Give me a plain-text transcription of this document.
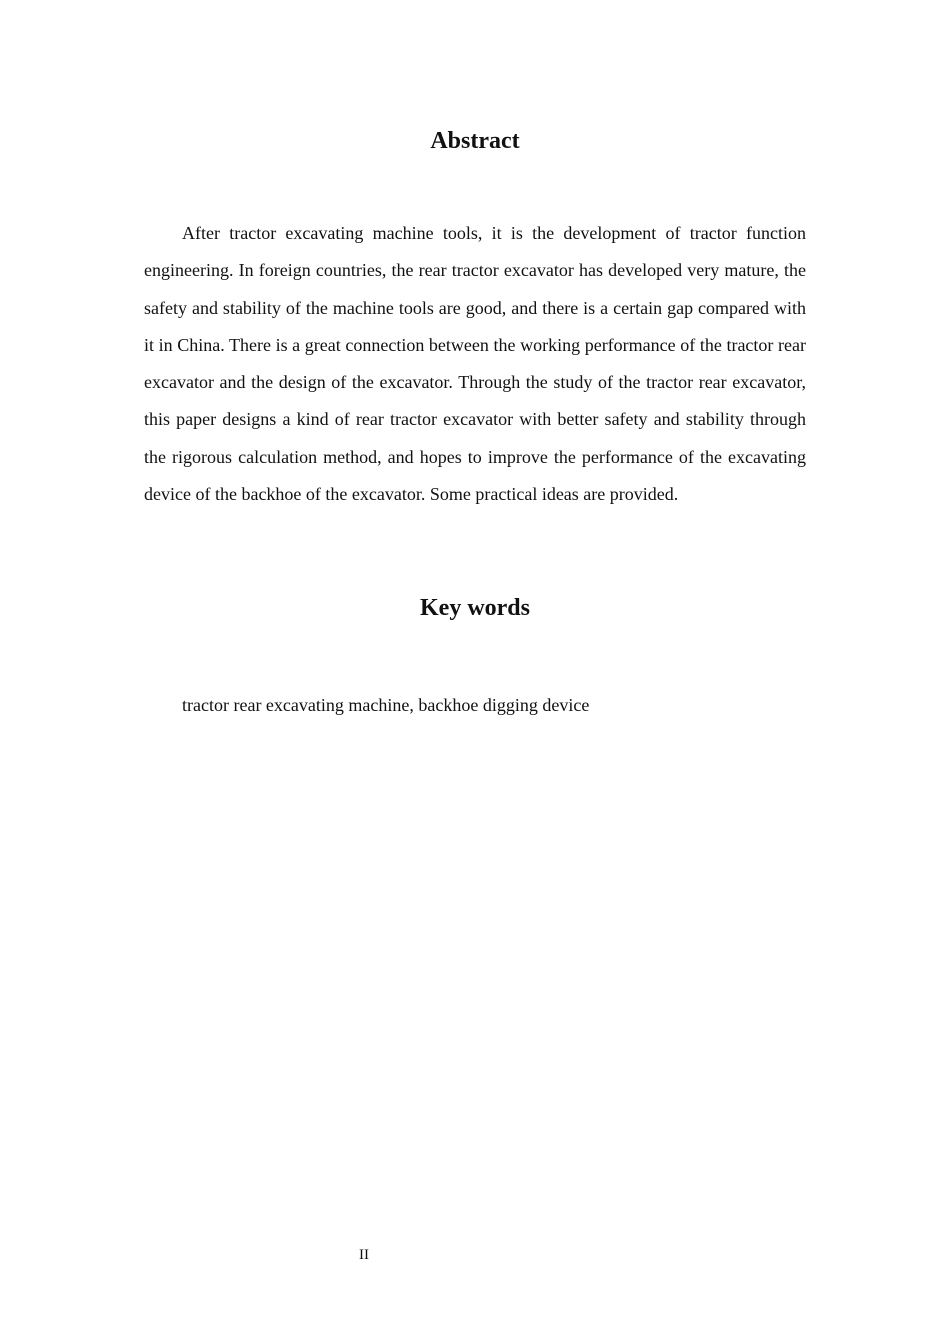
Abstract

After tractor excavating machine tools, it is the development of tractor function engineering. In foreign countries, the rear tractor excavator has developed very mature, the safety and stability of the machine tools are good, and there is a certain gap compared with it in China. There is a great connection between the working performance of the tractor rear excavator and the design of the excavator. Through the study of the tractor rear excavator, this paper designs a kind of rear tractor excavator with better safety and stability through the rigorous calculation method, and hopes to improve the performance of the excavating device of the backhoe of the excavator. Some practical ideas are provided.

Key words

tractor rear excavating machine, backhoe digging device

II
